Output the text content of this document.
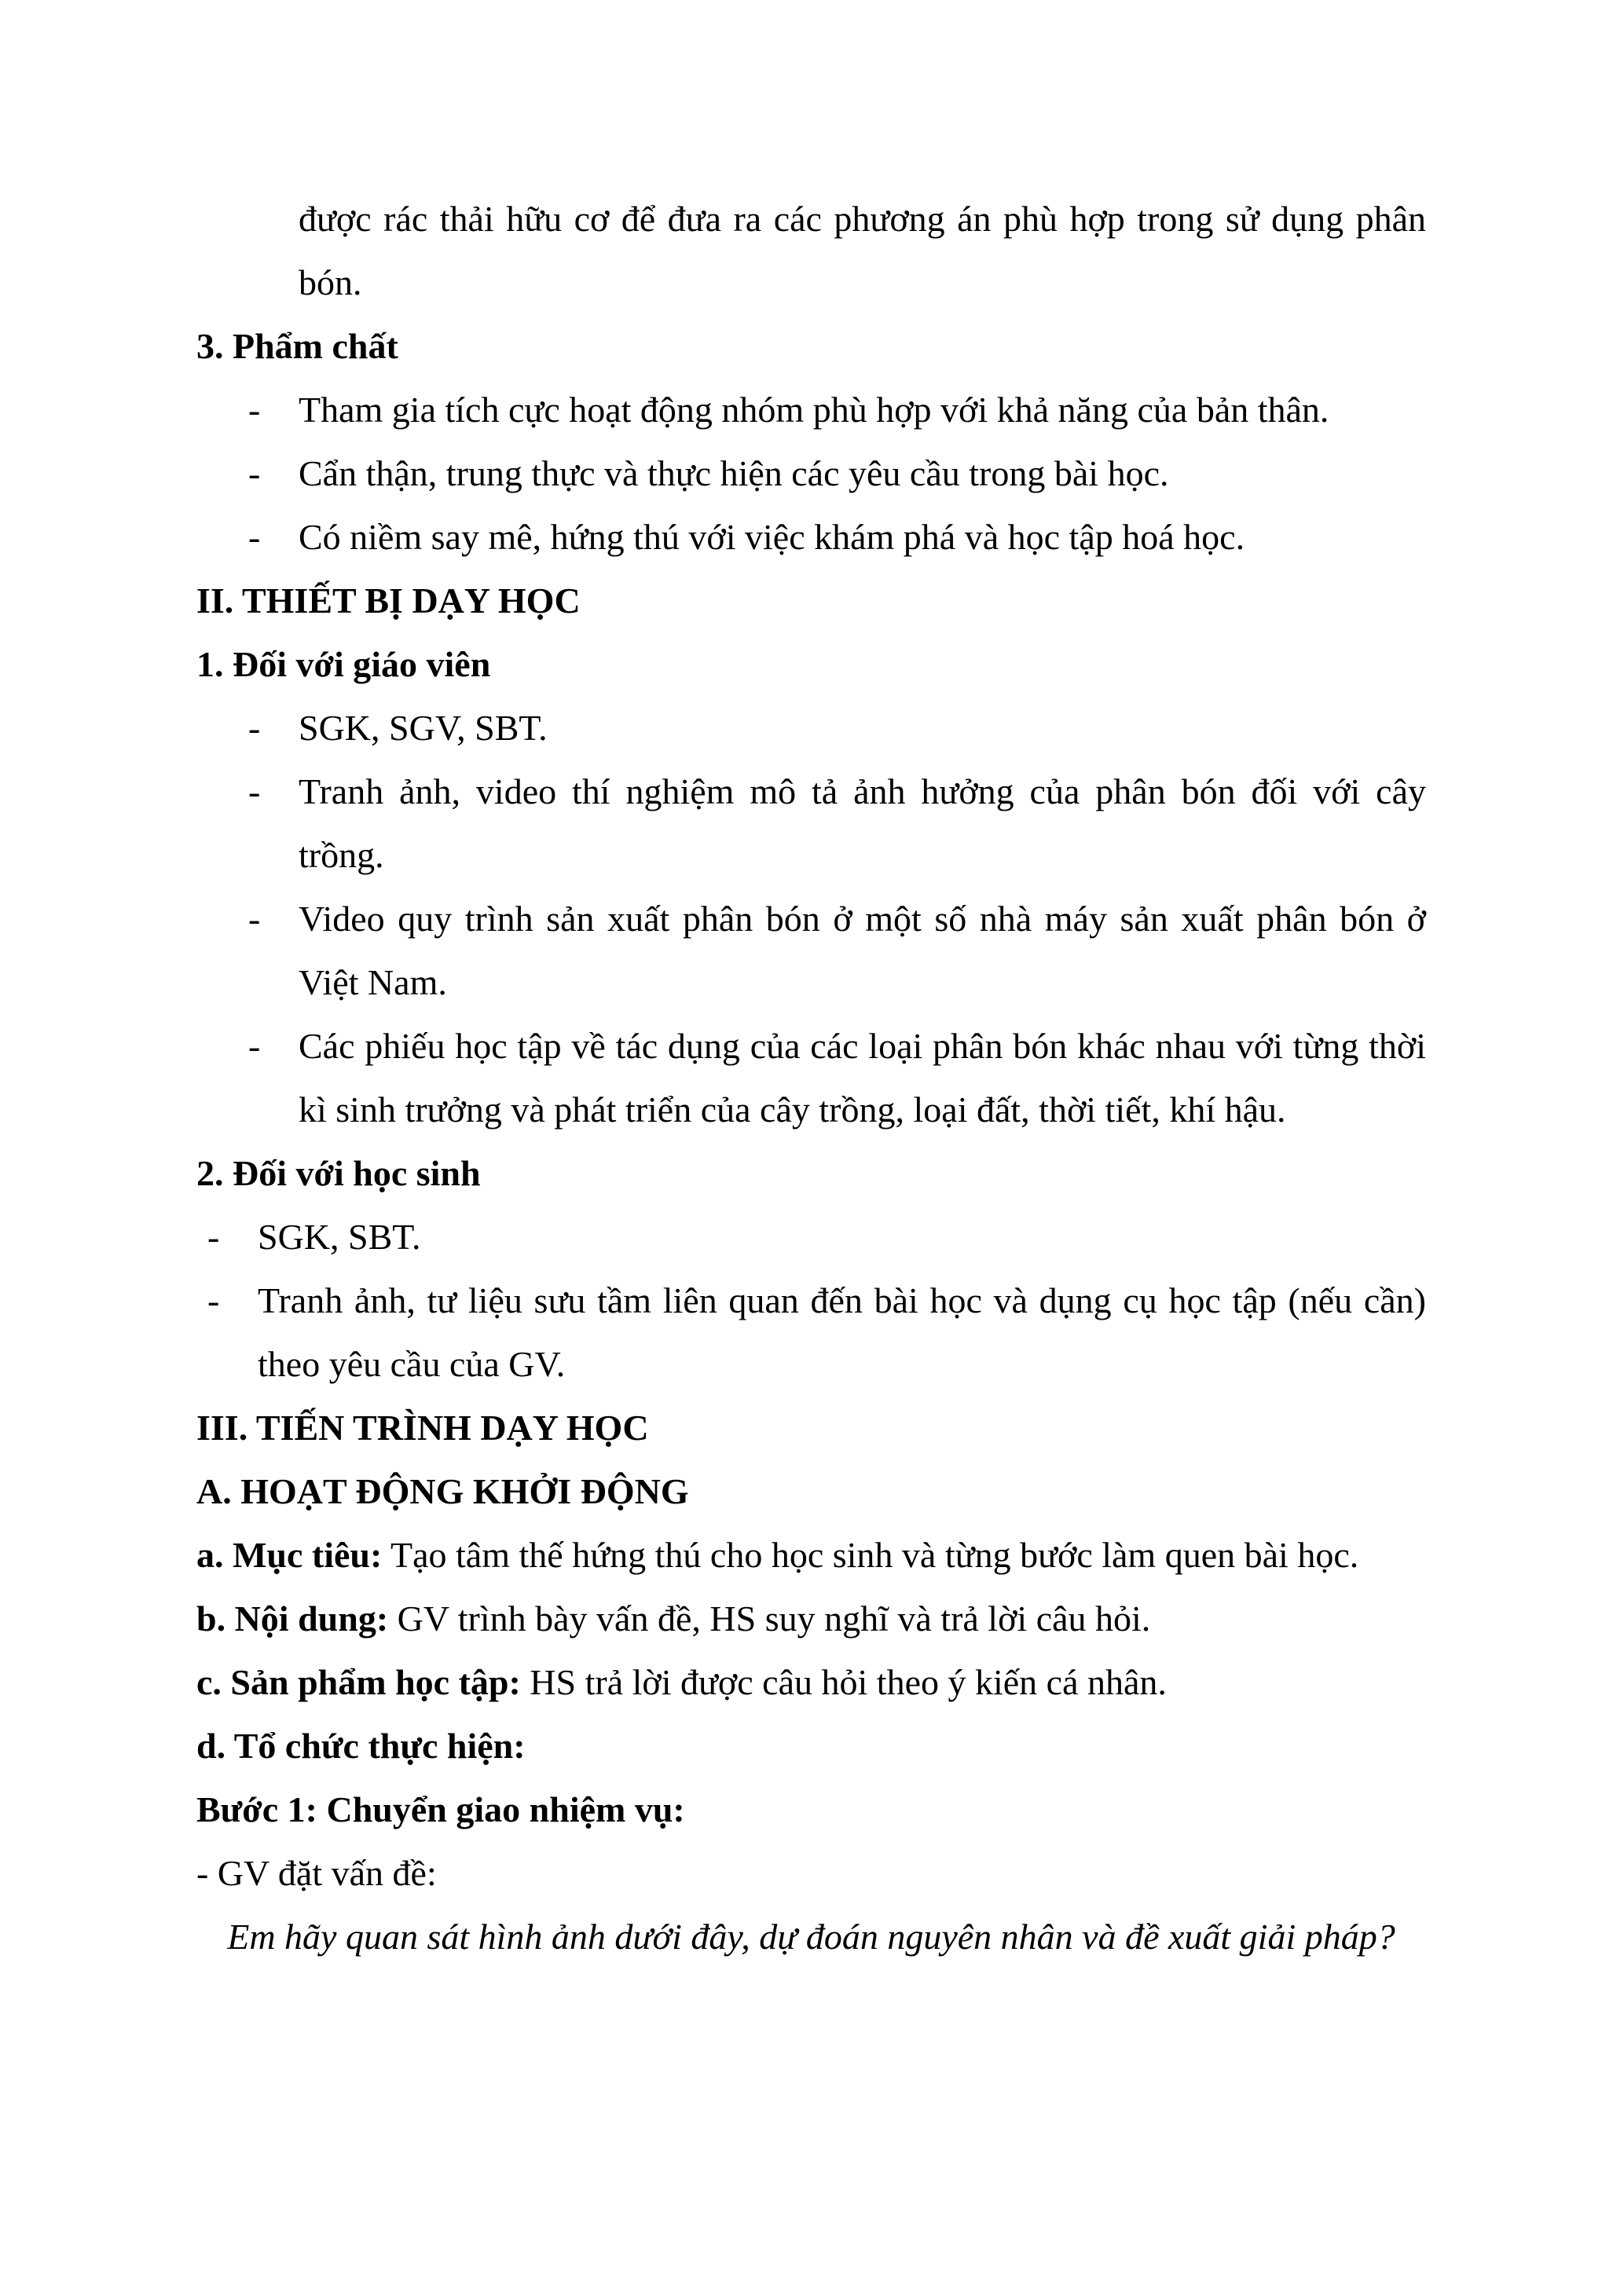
được rác thải hữu cơ để đưa ra các phương án phù hợp trong sử dụng phân
bón.
3. Phẩm chất
- Tham gia tích cực hoạt động nhóm phù hợp với khả năng của bản thân.
- Cẩn thận, trung thực và thực hiện các yêu cầu trong bài học.
- Có niềm say mê, hứng thú với việc khám phá và học tập hoá học.
II. THIẾT BỊ DẠY HỌC
1. Đối với giáo viên
- SGK, SGV, SBT.
- Tranh ảnh, video thí nghiệm mô tả ảnh hưởng của phân bón đối với cây
trồng.
- Video quy trình sản xuất phân bón ở một số nhà máy sản xuất phân bón ở
Việt Nam.
- Các phiếu học tập về tác dụng của các loại phân bón khác nhau với từng thời
kì sinh trưởng và phát triển của cây trồng, loại đất, thời tiết, khí hậu.
2. Đối với học sinh
- SGK, SBT.
- Tranh ảnh, tư liệu sưu tầm liên quan đến bài học và dụng cụ học tập (nếu cần)
theo yêu cầu của GV.
III. TIẾN TRÌNH DẠY HỌC
A. HOẠT ĐỘNG KHỞI ĐỘNG
a. Mục tiêu: Tạo tâm thế hứng thú cho học sinh và từng bước làm quen bài học.
b. Nội dung: GV trình bày vấn đề, HS suy nghĩ và trả lời câu hỏi.
c. Sản phẩm học tập: HS trả lời được câu hỏi theo ý kiến cá nhân.
d. Tổ chức thực hiện:
Bước 1: Chuyển giao nhiệm vụ:
- GV đặt vấn đề:
Em hãy quan sát hình ảnh dưới đây, dự đoán nguyên nhân và đề xuất giải pháp?
